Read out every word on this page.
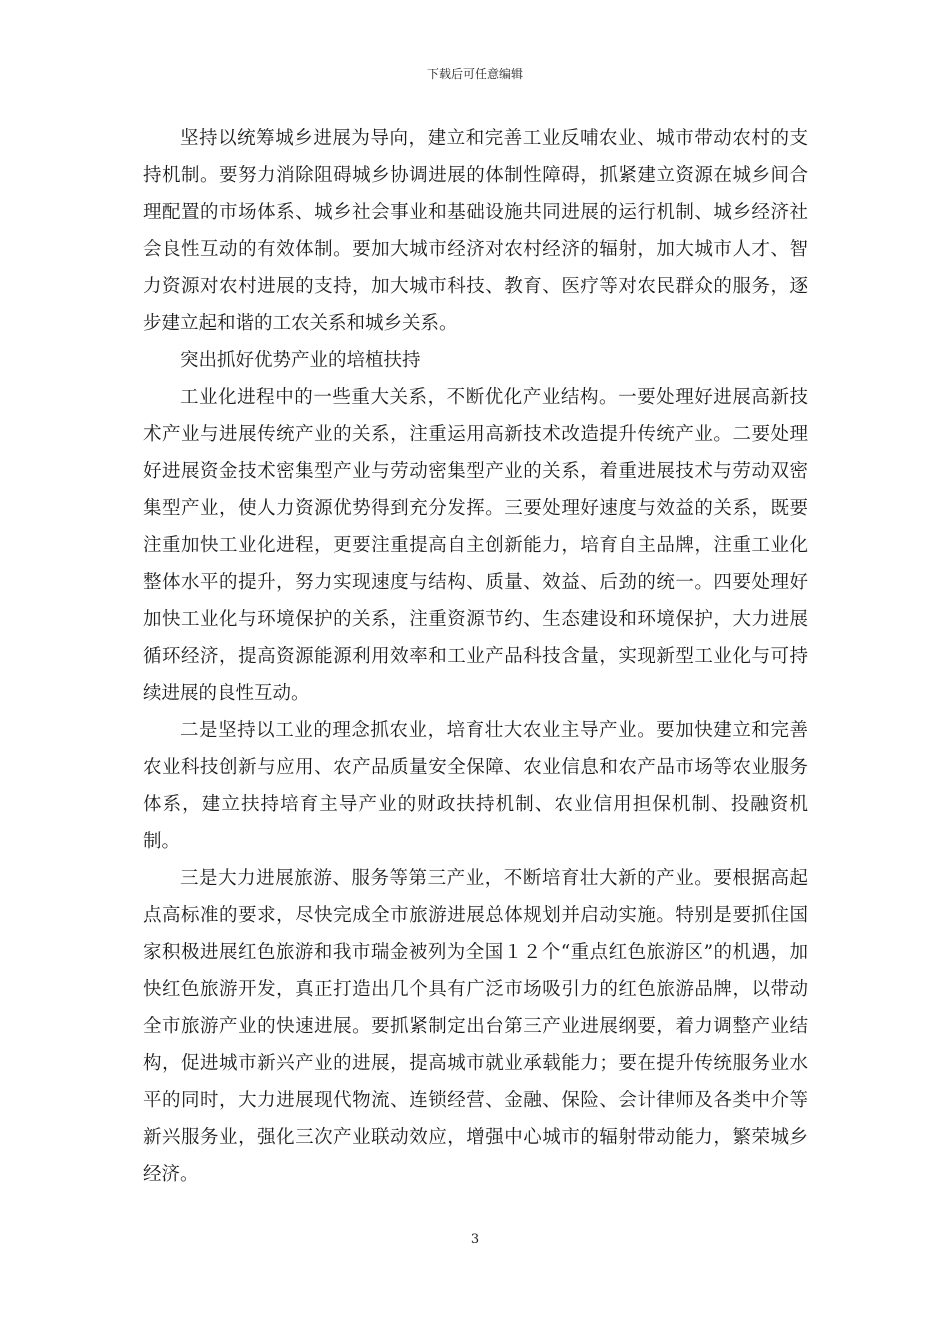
下载后可任意编辑

坚持以统筹城乡进展为导向，建立和完善工业反哺农业、城市带动农村的支持机制。要努力消除阻碍城乡协调进展的体制性障碍，抓紧建立资源在城乡间合理配置的市场体系、城乡社会事业和基础设施共同进展的运行机制、城乡经济社会良性互动的有效体制。要加大城市经济对农村经济的辐射，加大城市人才、智力资源对农村进展的支持，加大城市科技、教育、医疗等对农民群众的服务，逐步建立起和谐的工农关系和城乡关系。

突出抓好优势产业的培植扶持

工业化进程中的一些重大关系，不断优化产业结构。一要处理好进展高新技术产业与进展传统产业的关系，注重运用高新技术改造提升传统产业。二要处理好进展资金技术密集型产业与劳动密集型产业的关系，着重进展技术与劳动双密集型产业，使人力资源优势得到充分发挥。三要处理好速度与效益的关系，既要注重加快工业化进程，更要注重提高自主创新能力，培育自主品牌，注重工业化整体水平的提升，努力实现速度与结构、质量、效益、后劲的统一。四要处理好加快工业化与环境保护的关系，注重资源节约、生态建设和环境保护，大力进展循环经济，提高资源能源利用效率和工业产品科技含量，实现新型工业化与可持续进展的良性互动。

二是坚持以工业的理念抓农业，培育壮大农业主导产业。要加快建立和完善农业科技创新与应用、农产品质量安全保障、农业信息和农产品市场等农业服务体系，建立扶持培育主导产业的财政扶持机制、农业信用担保机制、投融资机制。

三是大力进展旅游、服务等第三产业，不断培育壮大新的产业。要根据高起点高标准的要求，尽快完成全市旅游进展总体规划并启动实施。特别是要抓住国家积极进展红色旅游和我市瑞金被列为全国１２个“重点红色旅游区”的机遇，加快红色旅游开发，真正打造出几个具有广泛市场吸引力的红色旅游品牌，以带动全市旅游产业的快速进展。要抓紧制定出台第三产业进展纲要，着力调整产业结构，促进城市新兴产业的进展，提高城市就业承载能力；要在提升传统服务业水平的同时，大力进展现代物流、连锁经营、金融、保险、会计律师及各类中介等新兴服务业，强化三次产业联动效应，增强中心城市的辐射带动能力，繁荣城乡经济。

3
